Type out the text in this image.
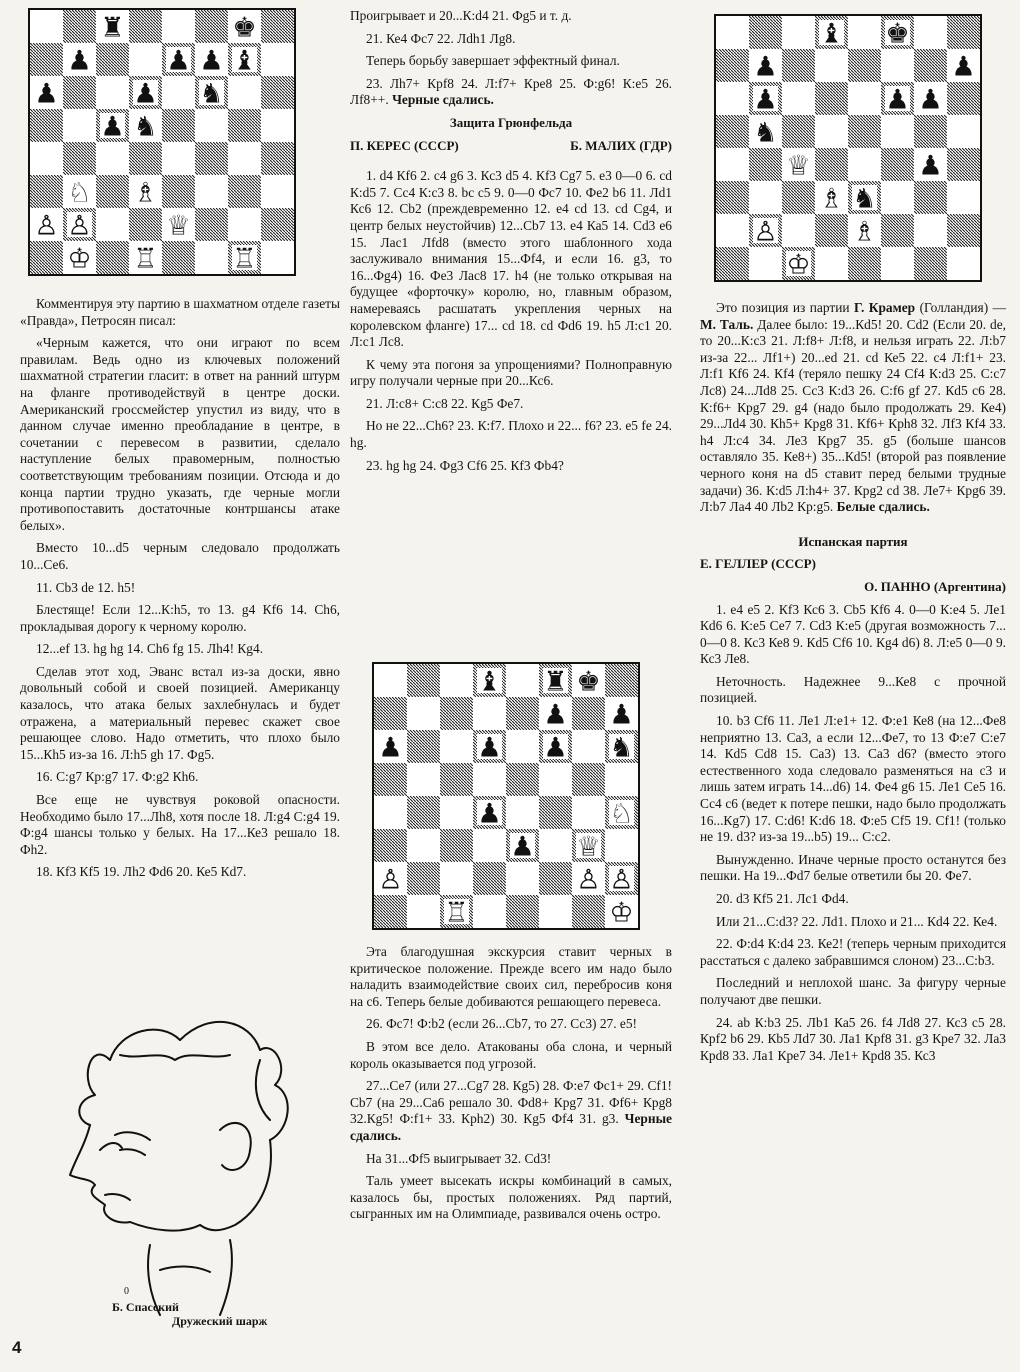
♜	♚
♟	♟ ♟ ♝
♟	♟ ♞
♟ ♞
♘ ♗
♙ ♙	♕
♔ ♖	♖

Комментируя эту партию в шахматном отделе газеты «Правда», Петросян писал:

«Черным кажется, что они играют по всем правилам. Ведь одно из ключевых положений шахматной стратегии гласит: в ответ на ранний штурм на фланге противодействуй в центре доски. Американский гроссмейстер упустил из виду, что в данном случае именно преобладание в центре, в сочетании с перевесом в развитии, сделало наступление белых правомерным, полностью соответствующим требованиям позиции. Отсюда и до конца партии трудно указать, где черные могли противопоставить достаточные контршансы атаке белых».

Вместо 10...d5 черным следовало продолжать 10...Се6.

11. Сb3 de 12. h5!

Блестяще! Если 12...К:h5, то 13. g4 Кf6 14. Сh6, прокладывая дорогу к черному королю.

12...ef 13. hg hg 14. Сh6 fg 15. Лh4! Кg4.

Сделав этот ход, Эванс встал из-за доски, явно довольный собой и своей позицией. Американцу казалось, что атака белых захлебнулась и будет отражена, а материальный перевес скажет свое решающее слово. Надо отметить, что плохо было 15...Кh5 из-за 16. Л:h5 gh 17. Фg5.

16. С:g7 Кр:g7 17. Ф:g2 Кh6.

Все еще не чувствуя роковой опасности. Необходимо было 17...Лh8, хотя после 18. Л:g4 С:g4 19. Ф:g4 шансы только у белых. На 17...Ке3 решало 18. Фh2.

18. Кf3 Кf5 19. Лh2 Фd6 20. Ке5 Кd7.

Б. Спасский
Дружеский шарж
0

Проигрывает и 20...К:d4 21. Фg5 и т. д.

21. Ке4 Фс7 22. Лdh1 Лg8.

Теперь борьбу завершает эффектный финал.

23. Лh7+ Крf8 24. Л:f7+ Кре8 25. Ф:g6! К:е5 26. Лf8++. Черные сдались.

Защита Грюнфельда

П. КЕРЕС (СССР)	Б. МАЛИХ (ГДР)

1. d4 Кf6 2. с4 g6 3. Кс3 d5 4. Кf3 Сg7 5. е3 0—0 6. cd К:d5 7. Сс4 К:с3 8. bc с5 9. 0—0 Фс7 10. Фе2 b6 11. Лd1 Кс6 12. Сb2 (преждевременно 12. е4 cd 13. cd Сg4, и центр белых неустойчив) 12...Сb7 13. е4 Ка5 14. Сd3 е6 15. Лас1 Лfd8 (вместо этого шаблонного хода заслуживало внимания 15...Фf4, и если 16. g3, то 16...Фg4) 16. Фе3 Лас8 17. h4 (не только открывая на будущее «форточку» королю, но, главным образом, намереваясь расшатать укрепления черных на королевском фланге) 17... cd 18. cd Фd6 19. h5 Л:с1 20. Л:с1 Лс8.

К чему эта погоня за упрощениями? Полноправную игру получали черные при 20...Кс6.

21. Л:с8+ С:с8 22. Кg5 Фе7.

Но не 22...Сh6? 23. К:f7. Плохо и 22... f6? 23. е5 fе 24. hg.

23. hg hg 24. Фg3 Сf6 25. Кf3 Фb4?

♝ ♜ ♚
♟ ♟
♟	♟ ♟ ♞
♟	♘
♟ ♕
♙	♙ ♙
♖	♔

Эта благодушная экскурсия ставит черных в критическое положение. Прежде всего им надо было наладить взаимодействие своих сил, перебросив коня на с6. Теперь белые добиваются решающего перевеса.

26. Фс7! Ф:b2 (если 26...Сb7, то 27. Сс3) 27. е5!

В этом все дело. Атакованы оба слона, и черный король оказывается под угрозой.

27...Се7 (или 27...Сg7 28. Кg5) 28. Ф:е7 Фс1+ 29. Сf1! Сb7 (на 29...Са6 решало 30. Фd8+ Крg7 31. Фf6+ Крg8 32.Кg5! Ф:f1+ 33. Крh2) 30. Кg5 Фf4 31. g3. Черные сдались.

На 31...Фf5 выигрывает 32. Сd3!

Таль умеет высекать искры комбинаций в самых, казалось бы, простых положениях. Ряд партий, сыгранных им на Олимпиаде, развивался очень остро.

♝ ♚
♟	♟
♟	♟ ♟
♞
♕	♟
♗ ♞
♙	♗
♔

Это позиция из партии Г. Крамер (Голландия) — М. Таль. Далее было: 19...Кd5! 20. Сd2 (Если 20. de, то 20...К:с3 21. Л:f8+ Л:f8, и нельзя играть 22. Л:b7 из-за 22... Лf1+) 20...ed 21. cd Ке5 22. с4 Л:f1+ 23. Л:f1 Кf6 24. Кf4 (теряло пешку 24 Сf4 К:d3 25. С:с7 Лс8) 24...Лd8 25. Сс3 К:d3 26. С:f6 gf 27. Кd5 с6 28. К:f6+ Крg7 29. g4 (надо было продолжать 29. Ке4) 29...Лd4 30. Кh5+ Крg8 31. Кf6+ Крh8 32. Лf3 Кf4 33. h4 Л:с4 34. Ле3 Крg7 35. g5 (больше шансов оставляло 35. Ке8+) 35...Кd5! (второй раз появление черного коня на d5 ставит перед белыми трудные задачи) 36. К:d5 Л:h4+ 37. Крg2 сd 38. Ле7+ Крg6 39. Л:b7 Ла4 40 Лb2 Кр:g5. Белые сдались.

Испанская партия

Е. ГЕЛЛЕР (СССР)

О. ПАННО (Аргентина)

1. е4 е5 2. Кf3 Кс6 3. Сb5 Кf6 4. 0—0 К:е4 5. Ле1 Кd6 6. К:е5 Се7 7. Сd3 К:е5 (другая возможность 7... 0—0 8. Кс3 Ке8 9. Кd5 Сf6 10. Кg4 d6) 8. Л:е5 0—0 9. Кс3 Ле8.

Неточность. Надежнее 9...Ке8 с прочной позицией.

10. b3 Сf6 11. Ле1 Л:е1+ 12. Ф:е1 Ке8 (на 12...Фе8 неприятно 13. Са3, а если 12...Фе7, то 13 Ф:е7 С:е7 14. Кd5 Сd8 15. Са3) 13. Са3 d6? (вместо этого естественного хода следовало разменяться на с3 и лишь затем играть 14...d6) 14. Фе4 g6 15. Ле1 Се5 16. Сс4 с6 (ведет к потере пешки, надо было продолжать 16...Кg7) 17. С:d6! К:d6 18. Ф:е5 Сf5 19. Сf1! (только не 19. d3? из-за 19...b5) 19... С:с2.

Вынужденно. Иначе черные просто останутся без пешки. На 19...Фd7 белые ответили бы 20. Фе7.

20. d3 Кf5 21. Лс1 Фd4.

Или 21...С:d3? 22. Лd1. Плохо и 21... Кd4 22. Ке4.

22. Ф:d4 К:d4 23. Ке2! (теперь черным приходится расстаться с далеко забравшимся слоном) 23...С:b3.

Последний и неплохой шанс. За фигуру черные получают две пешки.

24. ab К:b3 25. Лb1 Ка5 26. f4 Лd8 27. Кс3 с5 28. Крf2 b6 29. Кb5 Лd7 30. Ла1 Крf8 31. g3 Кре7 32. Ла3 Крd8 33. Ла1 Кре7 34. Ле1+ Крd8 35. Кс3

4
